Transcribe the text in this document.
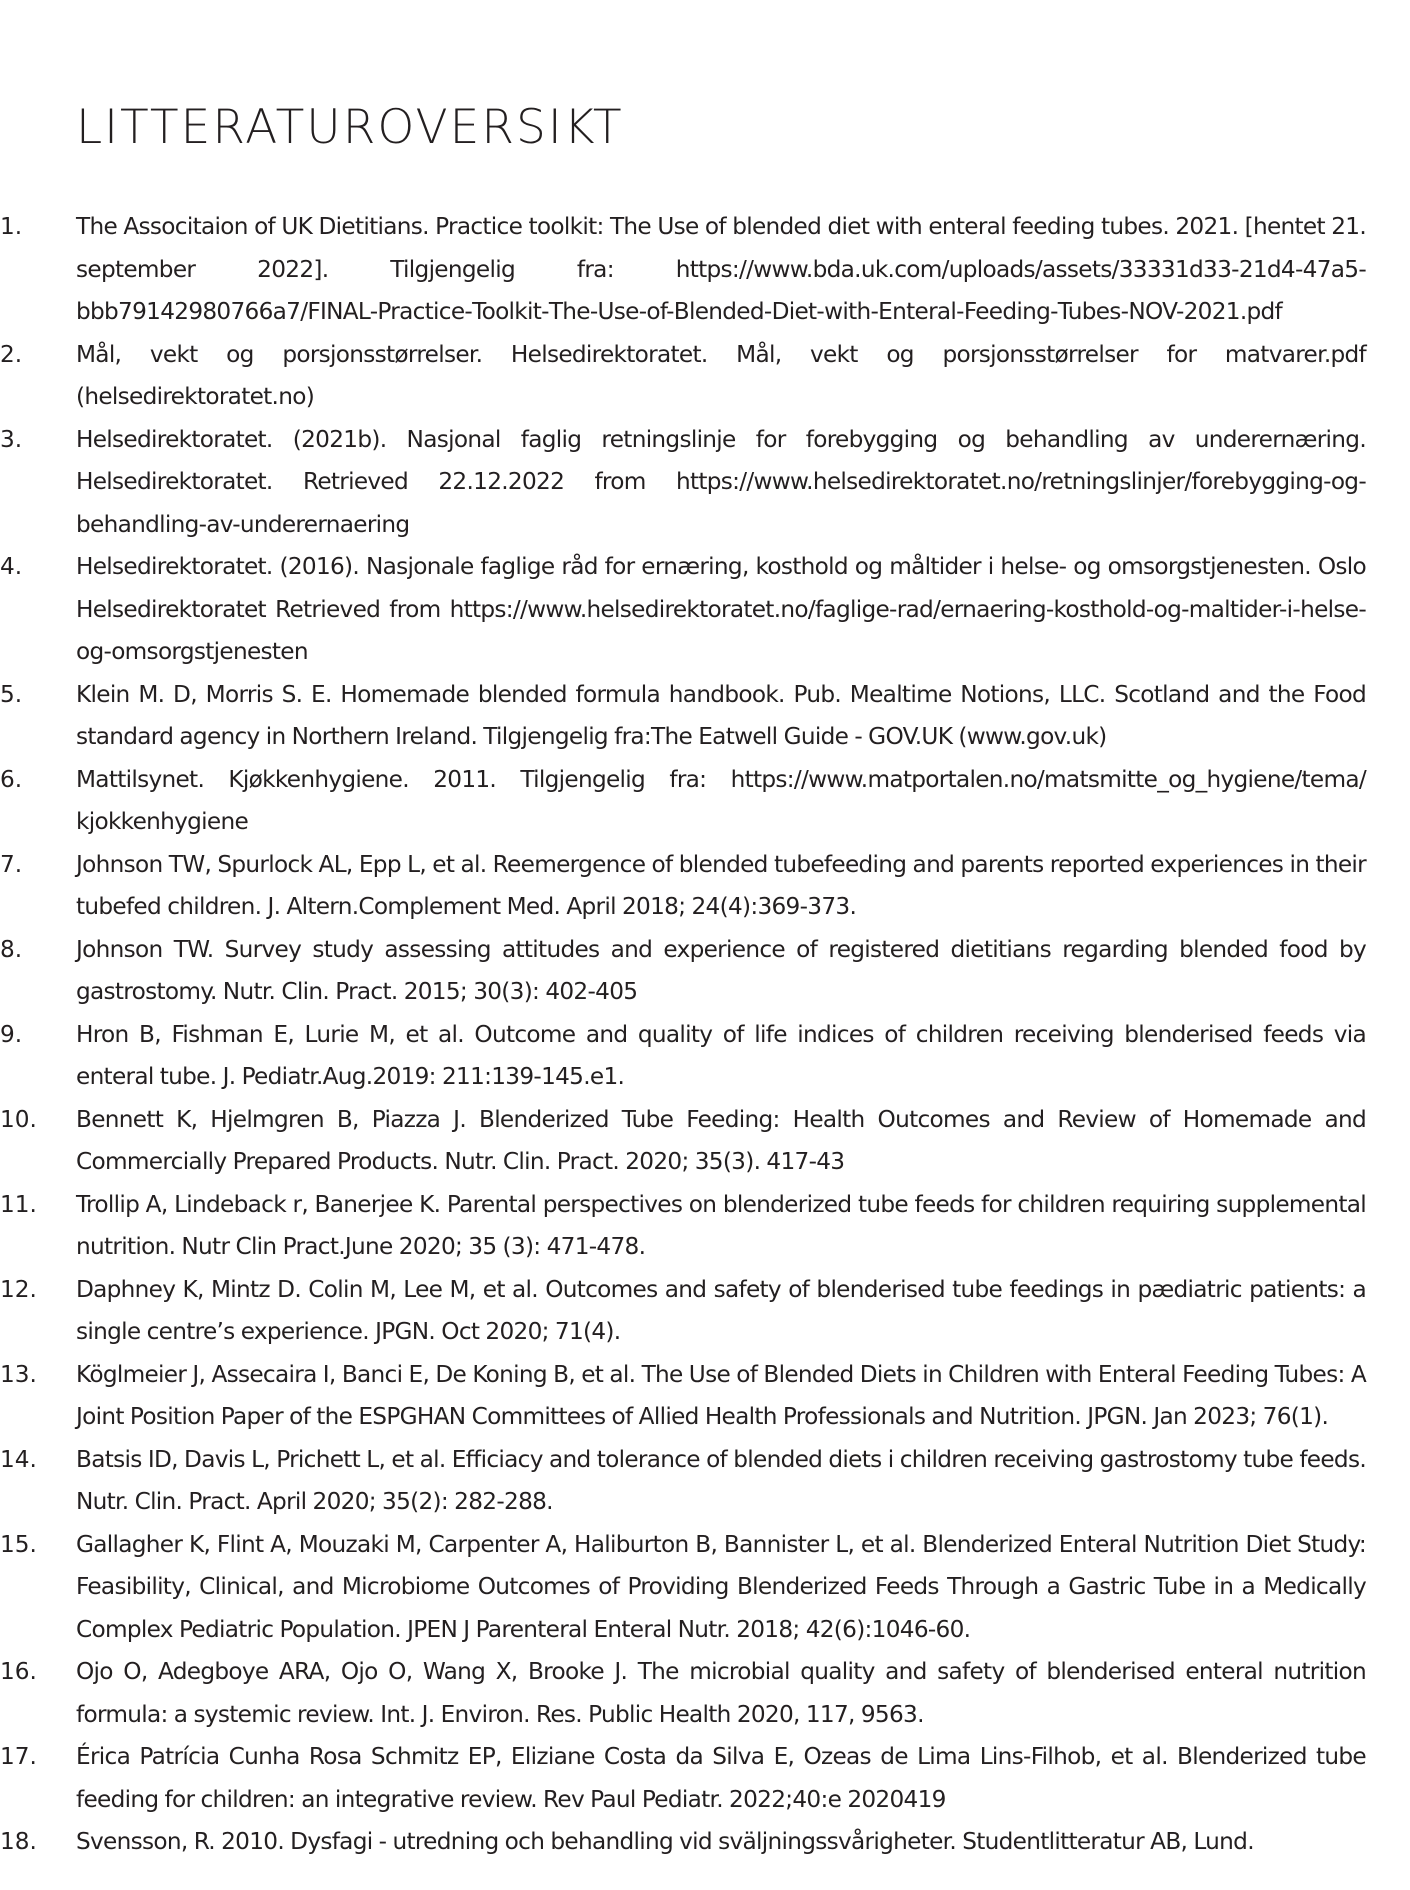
LITTERATUROVERSIKT
1.	The Associtaion of UK Dietitians. Practice toolkit: The Use of blended diet with enteral feeding tubes. 2021. [hentet 21. september 2022]. Tilgjengelig fra: https://www.bda.uk.com/uploads/assets/33331d33-21d4-47a5-bbb79142980766a7/FINAL-Practice-Toolkit-The-Use-of-Blended-Diet-with-Enteral-Feeding-Tubes-NOV-2021.pdf
2.	Mål, vekt og porsjonsstørrelser. Helsedirektoratet. Mål, vekt og porsjonsstørrelser for matvarer.pdf (helsedirektoratet.no)
3.	Helsedirektoratet. (2021b). Nasjonal faglig retningslinje for forebygging og behandling av underernæring. Helsedirektoratet. Retrieved 22.12.2022 from https://www.helsedirektoratet.no/retningslinjer/forebygging-og-behandling-av-underernaering
4.	Helsedirektoratet. (2016). Nasjonale faglige råd for ernæring, kosthold og måltider i helse- og omsorgstjenesten. Oslo Helsedirektoratet Retrieved from https://www.helsedirektoratet.no/faglige-rad/ernaering-kosthold-og-maltider-i-helse-og-omsorgstjenesten
5.	Klein M. D, Morris S. E. Homemade blended formula handbook. Pub. Mealtime Notions, LLC. Scotland and the Food standard agency in Northern Ireland. Tilgjengelig fra:The Eatwell Guide - GOV.UK (www.gov.uk)
6.	Mattilsynet. Kjøkkenhygiene. 2011. Tilgjengelig fra: https://www.matportalen.no/matsmitte_og_hygiene/tema/kjokkenhygiene
7.	Johnson TW, Spurlock AL, Epp L, et al. Reemergence of blended tubefeeding and parents reported experiences in their tubefed children. J. Altern.Complement Med. April 2018; 24(4):369-373.
8.	Johnson TW. Survey study assessing attitudes and experience of registered dietitians regarding blended food by gastrostomy. Nutr. Clin. Pract. 2015; 30(3): 402-405
9.	Hron B, Fishman E, Lurie M, et al. Outcome and quality of life indices of children receiving blenderised feeds via enteral tube. J. Pediatr.Aug.2019: 211:139-145.e1.
10.	Bennett K, Hjelmgren B, Piazza J. Blenderized Tube Feeding: Health Outcomes and Review of Homemade and Commercially Prepared Products. Nutr. Clin. Pract. 2020; 35(3). 417-43
11.	Trollip A, Lindeback r, Banerjee K. Parental perspectives on blenderized tube feeds for children requiring supplemental nutrition. Nutr Clin Pract.June 2020; 35 (3): 471-478.
12.	Daphney K, Mintz D. Colin M, Lee M, et al. Outcomes and safety of blenderised tube feedings in pædiatric patients: a single centre’s experience. JPGN. Oct 2020; 71(4).
13.	Köglmeier J, Assecaira I, Banci E, De Koning B, et al. The Use of Blended Diets in Children with Enteral Feeding Tubes: A Joint Position Paper of the ESPGHAN Committees of Allied Health Professionals and Nutrition. JPGN. Jan 2023; 76(1).
14.	Batsis ID, Davis L, Prichett L, et al. Efficiacy and tolerance of blended diets i children receiving gastrostomy tube feeds. Nutr. Clin. Pract. April 2020; 35(2): 282-288.
15.	Gallagher K, Flint A, Mouzaki M, Carpenter A, Haliburton B, Bannister L, et al. Blenderized Enteral Nutrition Diet Study: Feasibility, Clinical, and Microbiome Outcomes of Providing Blenderized Feeds Through a Gastric Tube in a Medically Complex Pediatric Population. JPEN J Parenteral Enteral Nutr. 2018; 42(6):1046-60.
16.	Ojo O, Adegboye ARA, Ojo O, Wang X, Brooke J. The microbial quality and safety of blenderised enteral nutrition formula: a systemic review. Int. J. Environ. Res. Public Health 2020, 117, 9563.
17.	Érica Patrícia Cunha Rosa Schmitz EP, Eliziane Costa da Silva E, Ozeas de Lima Lins-Filhob, et al. Blenderized tube feeding for children: an integrative review. Rev Paul Pediatr. 2022;40:e 2020419
18.	Svensson, R. 2010. Dysfagi - utredning och behandling vid sväljningssvårigheter. Studentlitteratur AB, Lund.
